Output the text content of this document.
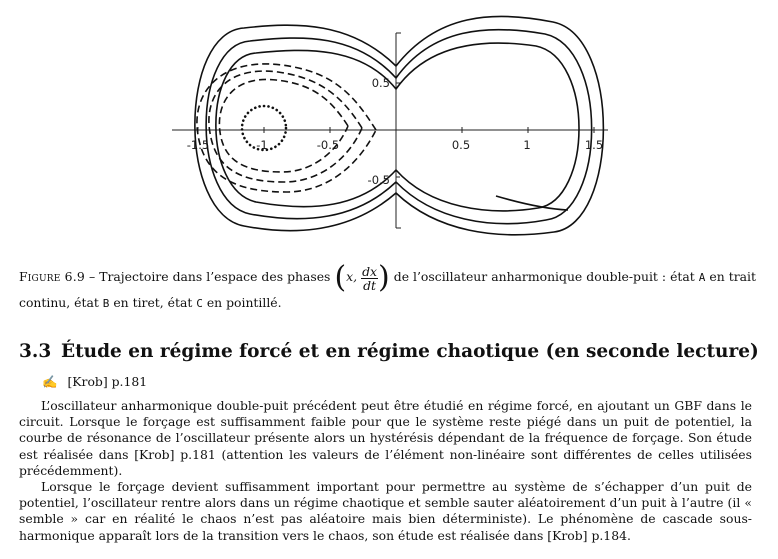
-1.5	-1	-0.5	0.5	1	1.5
0.5
-0.5
Figure 6.9 – Trajectoire dans l’espace des phases (x, $\frac{dx}{dt}$ ) de l’oscillateur anharmonique double-puit : état A en trait continu, état B en tiret, état C en pointillé.
3.3 Étude en régime forcé et en régime chaotique (en seconde lecture)
✍ [Krob] p.181

L’oscillateur anharmonique double-puit précédent peut être étudié en régime forcé, en ajoutant un GBF dans le circuit. Lorsque le forçage est suffisamment faible pour que le système reste piégé dans un puit de potentiel, la courbe de résonance de l’oscillateur présente alors un hystérésis dépendant de la fréquence de forçage. Son étude est réalisée dans [Krob] p.181 (attention les valeurs de l’élément non-linéaire sont différentes de celles utilisées précédemment).

Lorsque le forçage devient suffisamment important pour permettre au système de s’échapper d’un puit de potentiel, l’oscillateur rentre alors dans un régime chaotique et semble sauter aléatoirement d’un puit à l’autre (il « semble » car en réalité le chaos n’est pas aléatoire mais bien déterministe). Le phénomène de cascade sous-harmonique apparaît lors de la transition vers le chaos, son étude est réalisée dans [Krob] p.184.
